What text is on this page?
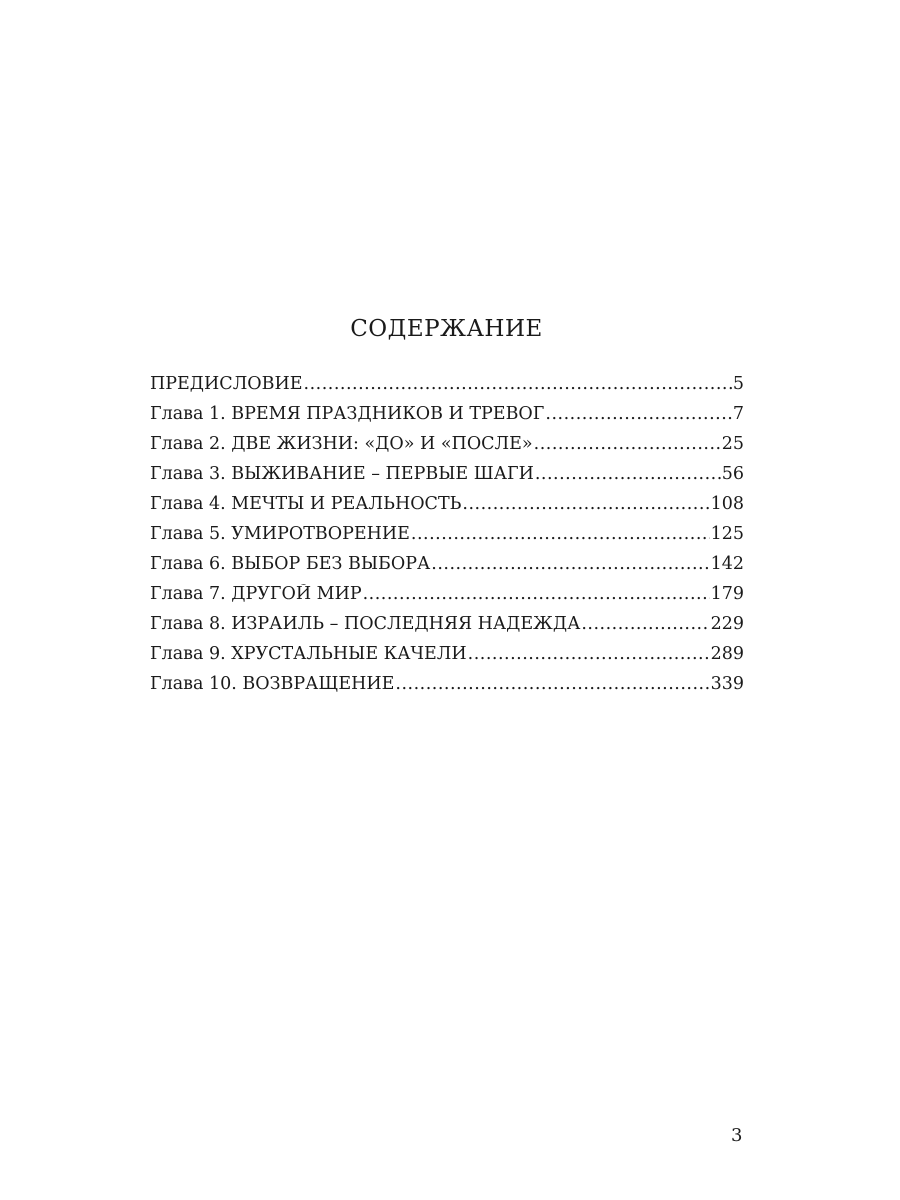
СОДЕРЖАНИЕ
ПРЕДИСЛОВИЕ .....	5
Глава 1. ВРЕМЯ ПРАЗДНИКОВ И ТРЕВОГ .....	7
Глава 2. ДВЕ ЖИЗНИ: «ДО» И «ПОСЛЕ» .....	25
Глава 3. ВЫЖИВАНИЕ – ПЕРВЫЕ ШАГИ .....	56
Глава 4. МЕЧТЫ И РЕАЛЬНОСТЬ .....	108
Глава 5. УМИРОТВОРЕНИЕ .....	125
Глава 6. ВЫБОР БЕЗ ВЫБОРА .....	142
Глава 7. ДРУГОЙ МИР .....	179
Глава 8. ИЗРАИЛЬ – ПОСЛЕДНЯЯ НАДЕЖДА .....	229
Глава 9. ХРУСТАЛЬНЫЕ КАЧЕЛИ .....	289
Глава 10. ВОЗВРАЩЕНИЕ .....	339
3
